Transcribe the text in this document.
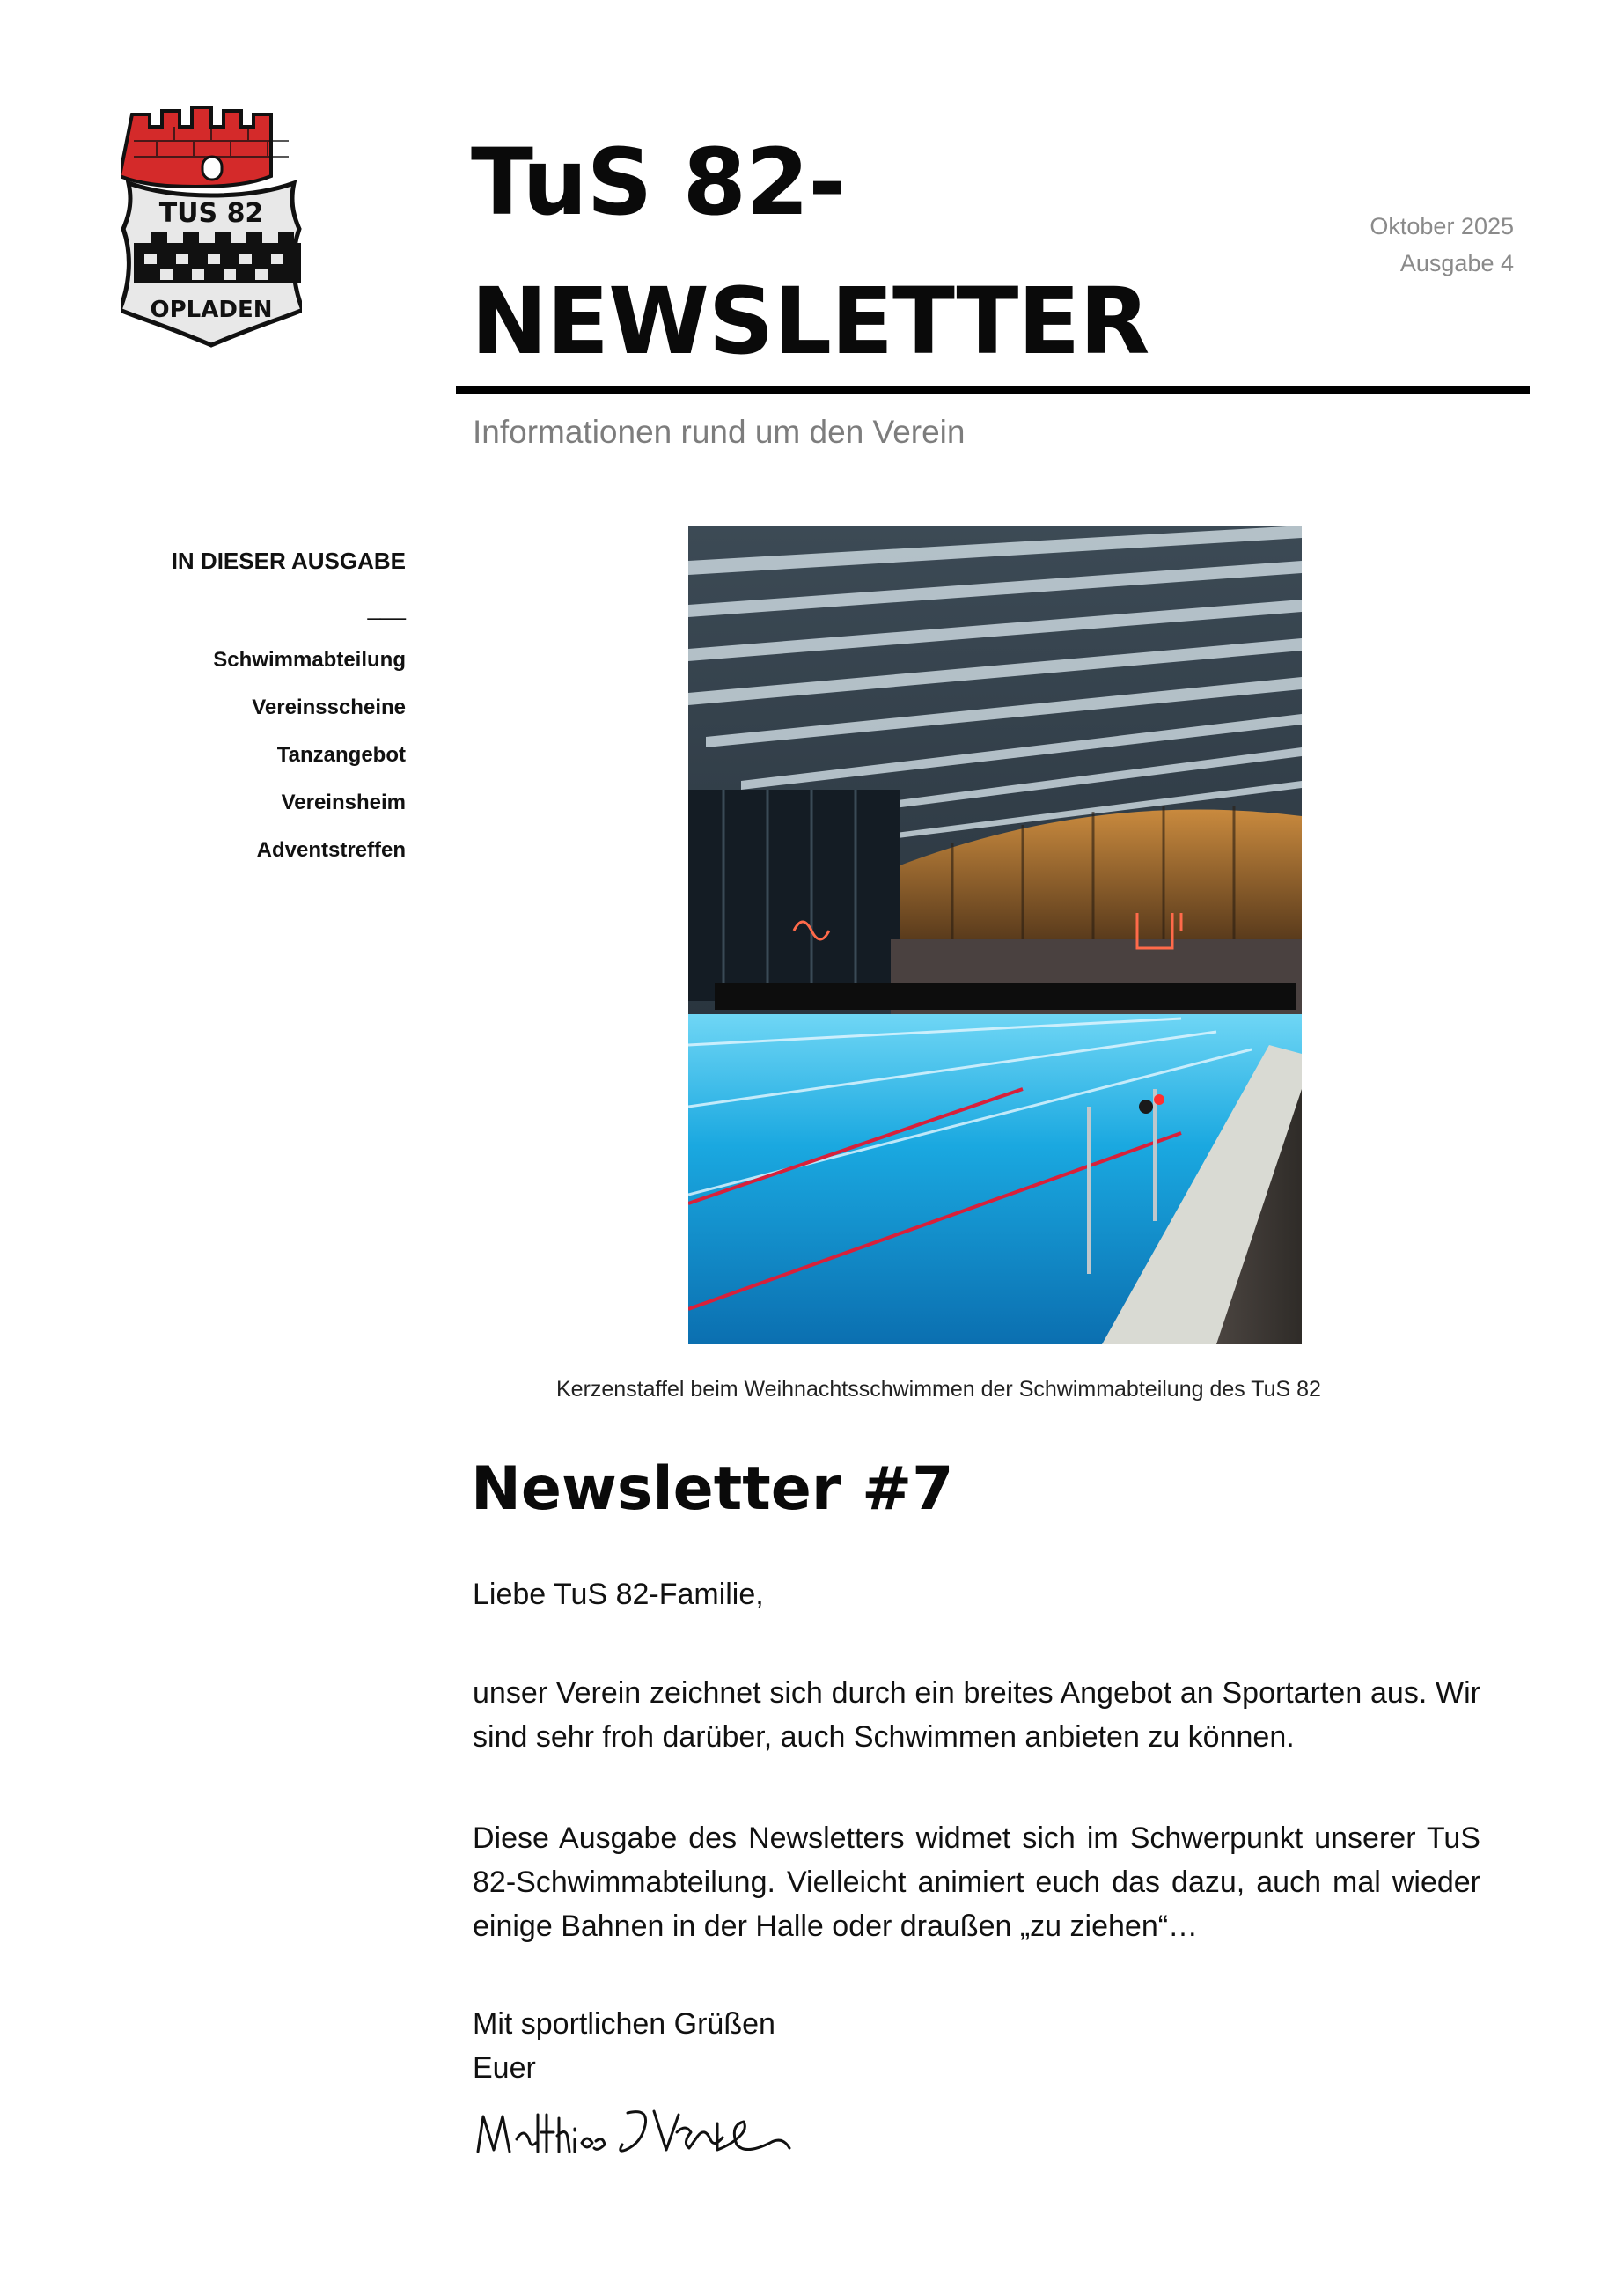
TUS 82
OPLADEN
TuS 82-
NEWSLETTER
Oktober 2025
Ausgabe 4
Informationen rund um den Verein
IN DIESER AUSGABE
___
Schwimmabteilung
Vereinsscheine
Tanzangebot
Vereinsheim
Adventstreffen
Kerzenstaffel beim Weihnachtsschwimmen der Schwimmabteilung des TuS 82
Newsletter #7
Liebe TuS 82-Familie,
unser Verein zeichnet sich durch ein breites Angebot an Sportarten aus. Wir sind sehr froh darüber, auch Schwimmen anbieten zu können.
Diese Ausgabe des Newsletters widmet sich im Schwerpunkt unserer TuS 82-Schwimmabteilung. Vielleicht animiert euch das dazu, auch mal wieder einige Bahnen in der Halle oder draußen „zu ziehen“…
Mit sportlichen Grüßen
Euer
